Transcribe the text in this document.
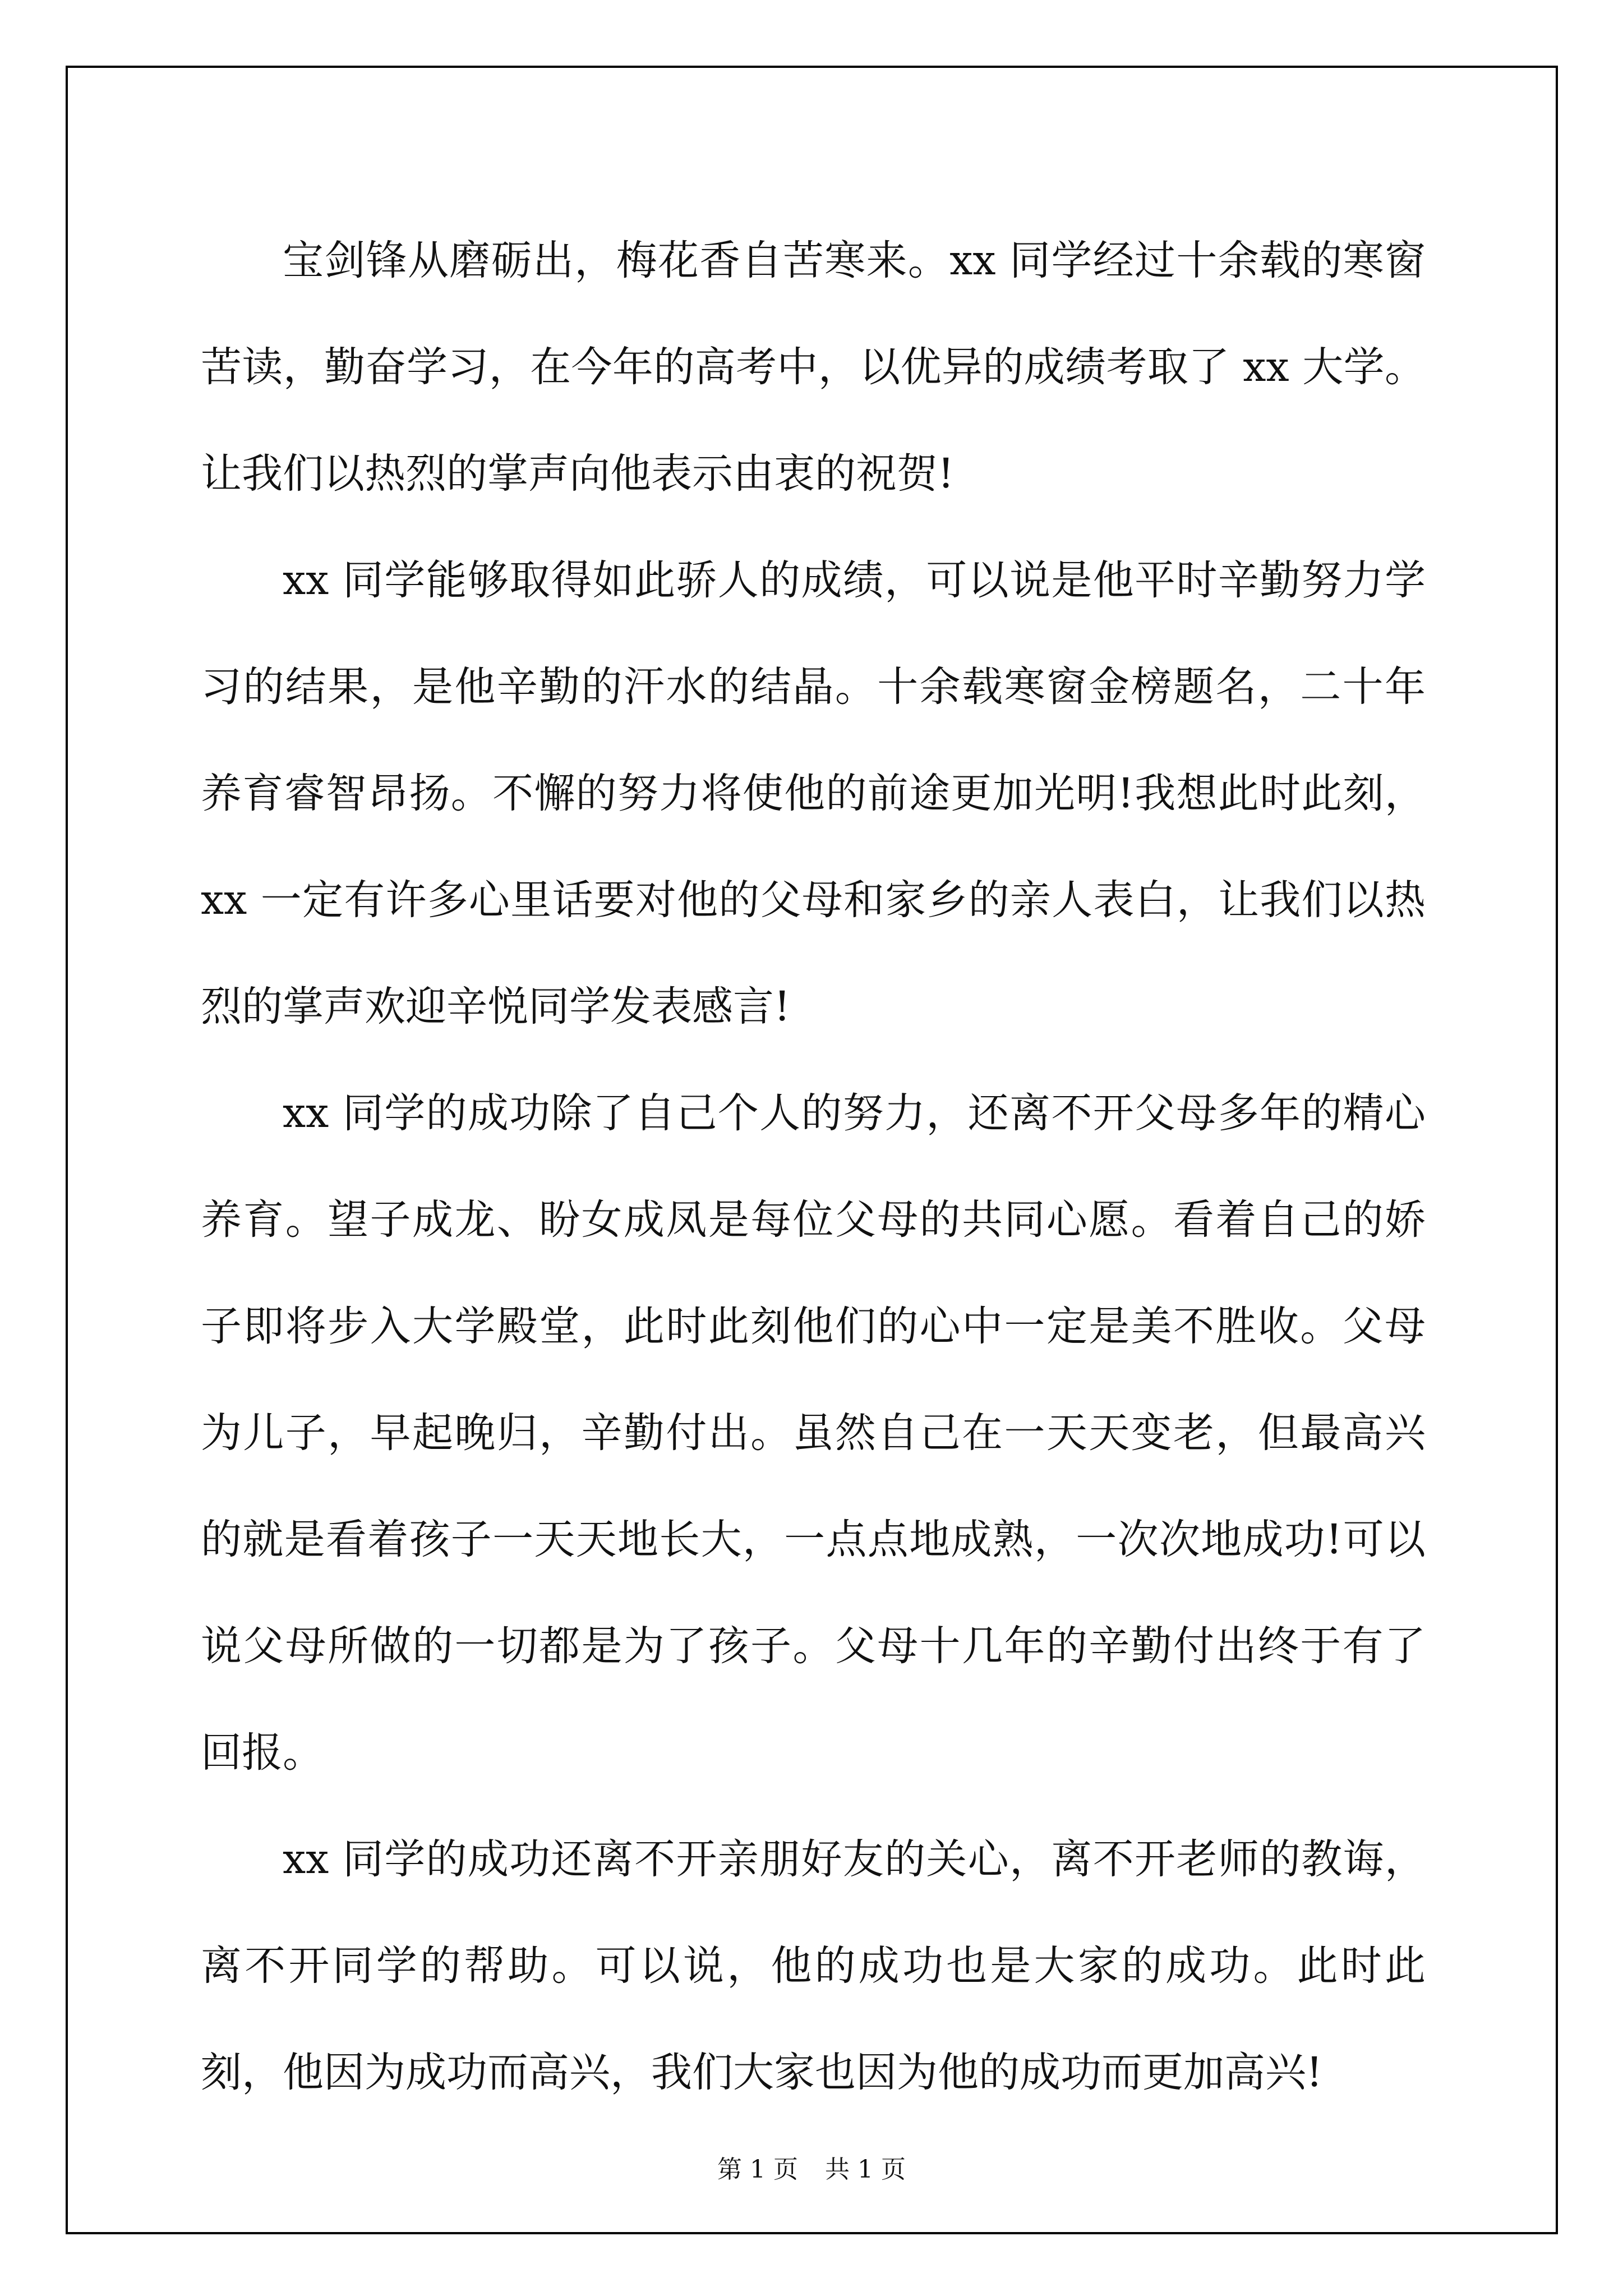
宝剑锋从磨砺出，梅花香自苦寒来。xx 同学经过十余载的寒窗苦读，勤奋学习，在今年的高考中，以优异的成绩考取了 xx 大学。让我们以热烈的掌声向他表示由衷的祝贺!

xx 同学能够取得如此骄人的成绩，可以说是他平时辛勤努力学习的结果，是他辛勤的汗水的结晶。十余载寒窗金榜题名，二十年养育睿智昂扬。不懈的努力将使他的前途更加光明!我想此时此刻，xx 一定有许多心里话要对他的父母和家乡的亲人表白，让我们以热烈的掌声欢迎辛悦同学发表感言!

xx 同学的成功除了自己个人的努力，还离不开父母多年的精心养育。望子成龙、盼女成凤是每位父母的共同心愿。看着自己的娇子即将步入大学殿堂，此时此刻他们的心中一定是美不胜收。父母为儿子，早起晚归，辛勤付出。虽然自己在一天天变老，但最高兴的就是看着孩子一天天地长大，一点点地成熟，一次次地成功!可以说父母所做的一切都是为了孩子。父母十几年的辛勤付出终于有了回报。

xx 同学的成功还离不开亲朋好友的关心，离不开老师的教诲，离不开同学的帮助。可以说，他的成功也是大家的成功。此时此刻，他因为成功而高兴，我们大家也因为他的成功而更加高兴!

第 1 页 共 1 页
